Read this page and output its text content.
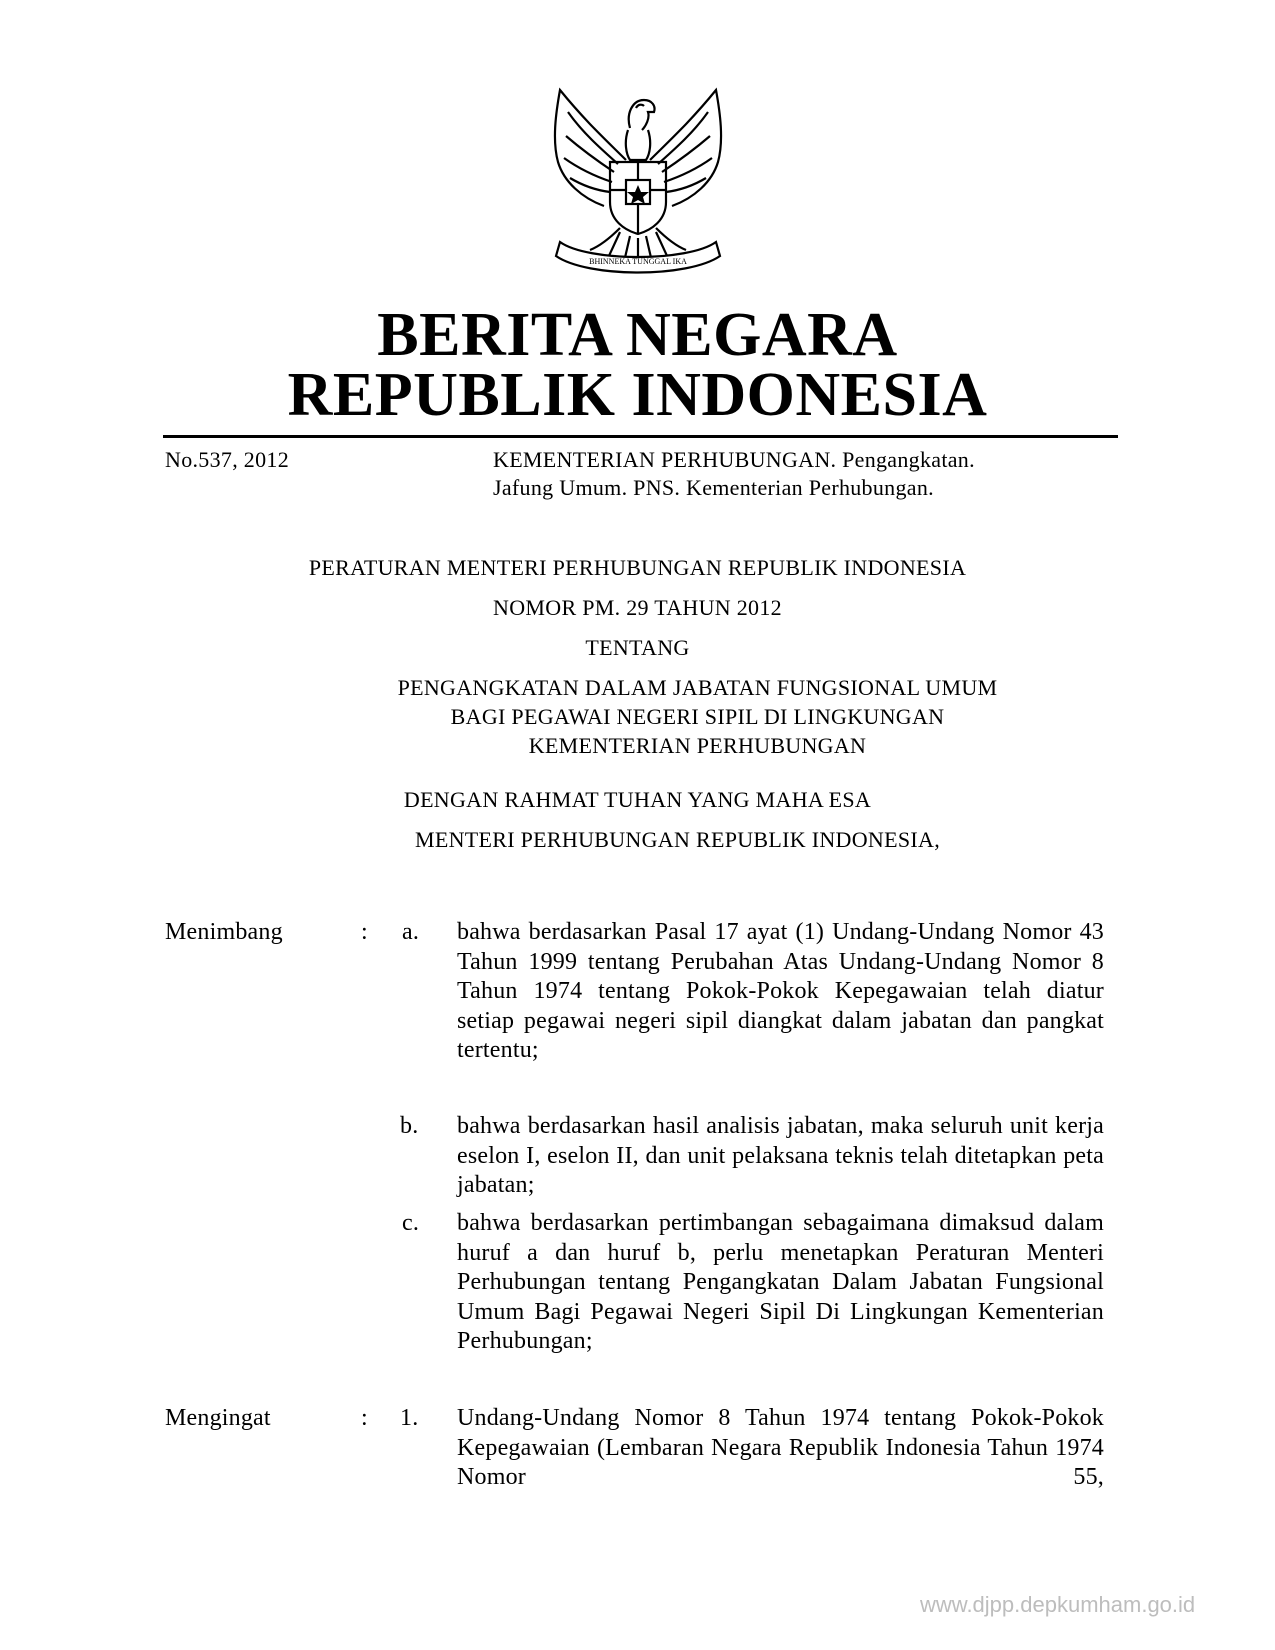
BHINNEKA TUNGGAL IKA
BERITA NEGARA
REPUBLIK INDONESIA
No.537, 2012	KEMENTERIAN PERHUBUNGAN. Pengangkatan.
Jafung Umum. PNS. Kementerian Perhubungan.
PERATURAN MENTERI PERHUBUNGAN REPUBLIK INDONESIA
NOMOR PM. 29 TAHUN 2012
TENTANG
PENGANGKATAN DALAM JABATAN FUNGSIONAL UMUM
BAGI PEGAWAI NEGERI SIPIL DI LINGKUNGAN
KEMENTERIAN PERHUBUNGAN
DENGAN RAHMAT TUHAN YANG MAHA ESA
MENTERI PERHUBUNGAN REPUBLIK INDONESIA,
Menimbang	: a. bahwa berdasarkan Pasal 17 ayat (1) Undang-Undang Nomor 43 Tahun 1999 tentang Perubahan Atas Undang-Undang Nomor 8 Tahun 1974 tentang Pokok-Pokok Kepegawaian telah diatur setiap pegawai negeri sipil diangkat dalam jabatan dan pangkat tertentu;
b. bahwa berdasarkan hasil analisis jabatan, maka seluruh unit kerja eselon I, eselon II, dan unit pelaksana teknis telah ditetapkan peta jabatan;
c. bahwa berdasarkan pertimbangan sebagaimana dimaksud dalam huruf a dan huruf b, perlu menetapkan Peraturan Menteri Perhubungan tentang Pengangkatan Dalam Jabatan Fungsional Umum Bagi Pegawai Negeri Sipil Di Lingkungan Kementerian Perhubungan;
Mengingat	: 1. Undang-Undang Nomor 8 Tahun 1974 tentang Pokok-Pokok Kepegawaian (Lembaran Negara Republik Indonesia Tahun 1974 Nomor 55,
www.djpp.depkumham.go.id
